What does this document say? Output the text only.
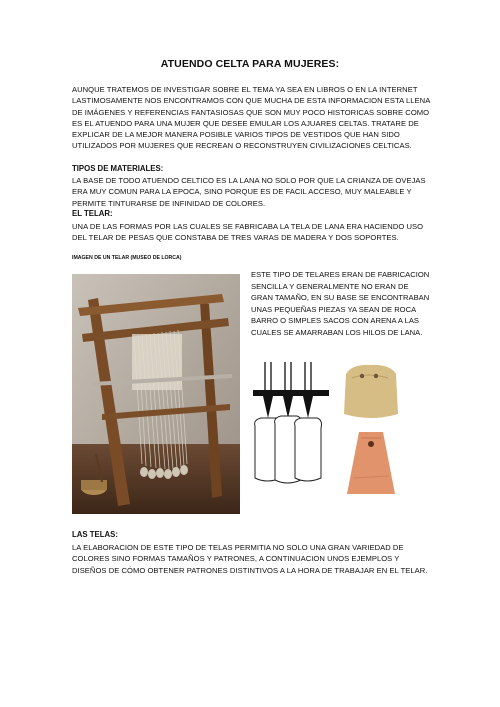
ATUENDO CELTA PARA MUJERES:
AUNQUE TRATEMOS DE INVESTIGAR SOBRE EL TEMA YA SEA EN LIBROS O EN LA INTERNET LASTIMOSAMENTE NOS ENCONTRAMOS CON QUE MUCHA DE ESTA INFORMACION ESTA LLENA DE IMÁGENES Y REFERENCIAS FANTASIOSAS QUE SON MUY POCO HISTORICAS SOBRE COMO ES EL ATUENDO PARA UNA MUJER QUE DESEE EMULAR LOS AJUARES CELTAS. TRATARE DE EXPLICAR DE LA MEJOR MANERA POSIBLE VARIOS TIPOS DE VESTIDOS QUE HAN SIDO UTILIZADOS POR MUJERES QUE RECREAN O RECONSTRUYEN CIVILIZACIONES CELTICAS.
TIPOS DE MATERIALES:
LA BASE DE TODO ATUENDO CELTICO ES LA LANA NO SOLO POR QUE LA CRIANZA DE OVEJAS ERA MUY COMUN PARA LA EPOCA, SINO PORQUE ES DE FACIL ACCESO, MUY MALEABLE Y PERMITE TINTURARSE DE INFINIDAD DE COLORES.
EL TELAR:
UNA DE LAS FORMAS POR LAS CUALES SE FABRICABA LA TELA DE LANA ERA HACIENDO USO DEL TELAR DE PESAS QUE CONSTABA DE TRES VARAS DE MADERA Y DOS SOPORTES.
IMAGEN DE UN TELAR (MUSEO DE LORCA)
ESTE TIPO DE TELARES ERAN DE FABRICACION SENCILLA Y GENERALMENTE NO ERAN DE GRAN TAMAÑO, EN SU BASE SE ENCONTRABAN UNAS PEQUEÑAS PIEZAS YA SEAN DE ROCA BARRO O SIMPLES SACOS CON ARENA A LAS CUALES SE AMARRABAN LOS HILOS DE LANA.
LAS TELAS:
LA ELABORACION DE ESTE TIPO DE TELAS PERMITIA NO SOLO UNA GRAN VARIEDAD DE COLORES SINO FORMAS TAMAÑOS Y PATRONES, A CONTINUACION UNOS EJEMPLOS Y DISEÑOS DE CÓMO OBTENER PATRONES DISTINTIVOS A LA HORA DE TRABAJAR EN EL TELAR.
